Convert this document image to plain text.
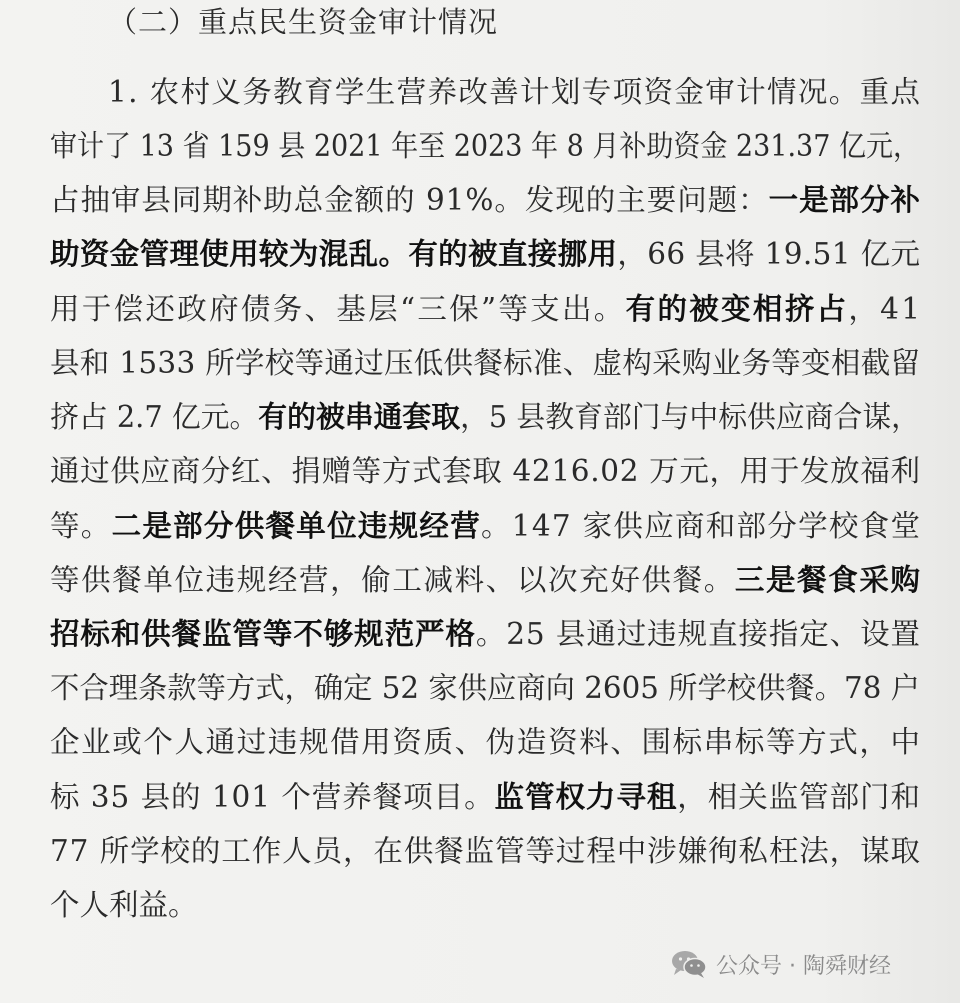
（二）重点民生资金审计情况
1. 农村义务教育学生营养改善计划专项资金审计情况。重点
审计了 13 省 159 县 2021 年至 2023 年 8 月补助资金 231.37 亿元，
占抽审县同期补助总金额的 91%。发现的主要问题： 一是部分补
助资金管理使用较为混乱。有的被直接挪用 ，66 县将 19.51 亿元
用于偿还政府债务、基层“三保”等支出。 有的被变相挤占 ，41
县和 1533 所学校等通过压低供餐标准、虚构采购业务等变相截留
挤占 2.7 亿元。 有的被串通套取 ，5 县教育部门与中标供应商合谋，
通过供应商分红、捐赠等方式套取 4216.02 万元，用于发放福利
等。 二是部分供餐单位违规经营 。147 家供应商和部分学校食堂
等供餐单位违规经营，偷工减料、以次充好供餐。 三是餐食采购
招标和供餐监管等不够规范严格 。25 县通过违规直接指定、设置
不合理条款等方式，确定 52 家供应商向 2605 所学校供餐。78 户
企业或个人通过违规借用资质、伪造资料、围标串标等方式，中
标 35 县的 101 个营养餐项目。 监管权力寻租 ，相关监管部门和
77 所学校的工作人员，在供餐监管等过程中涉嫌徇私枉法，谋取
个人利益。
公众号 · 陶舜财经
